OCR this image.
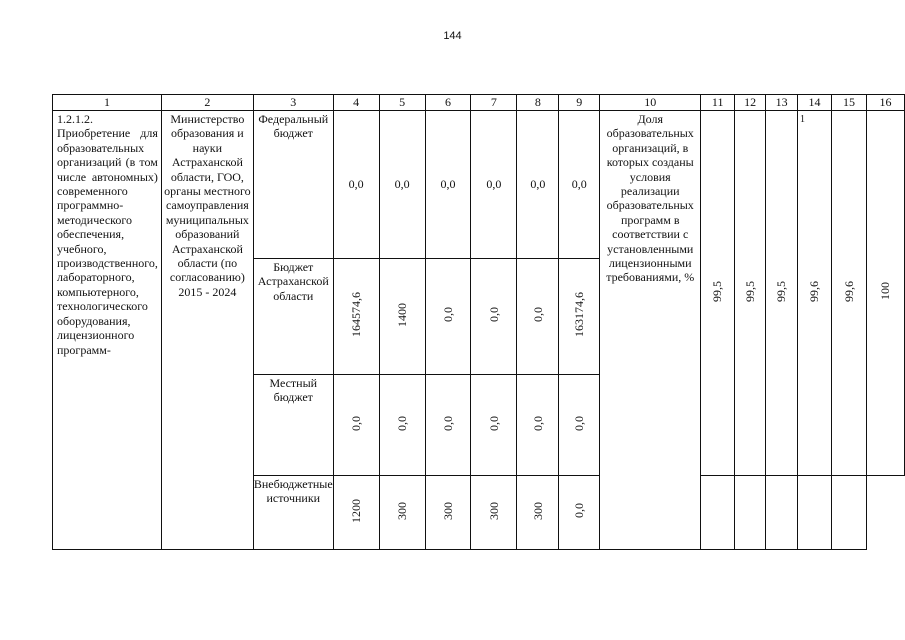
144
1
1	2	3	4	5	6	7	8	9	10	11	12	13	14	15	16
1.2.1.2. Приобретение для образовательных организаций (в том числе автономных) современного программно-методического обеспечения, учебного, производственного, лабораторного, компьютерного, технологического оборудования, лицензионного программ-	Министерство образования и науки Астраханской области, ГОО, органы местного самоуправления муниципальных образований Астраханской области (по согласованию) 2015 - 2024	Федеральный бюджет	0,0	0,0	0,0	0,0	0,0	0,0	Доля образовательных организаций, в которых созданы условия реализации образовательных программ в соответствии с установленными лицензионными требованиями, %	99,5	99,5	99,5	99,6	99,6	100
		Бюджет Астраханской области	164574,6	1400	0,0	0,0	0,0	163174,6							
		Местный бюджет	0,0	0,0	0,0	0,0	0,0	0,0							
		Внебюджетные источники	1200	300	300	300	300	0,0							
